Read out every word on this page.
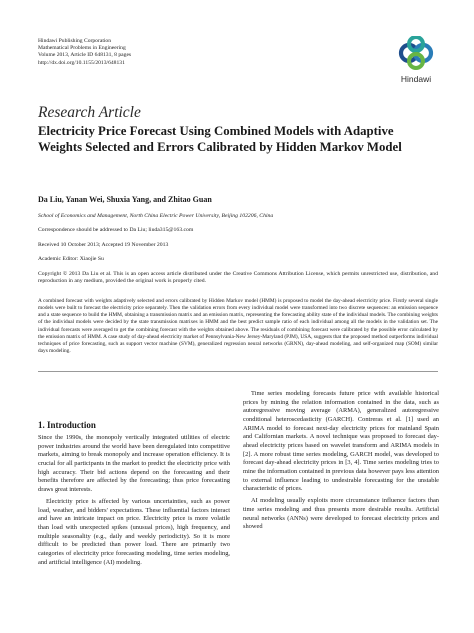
Hindawi Publishing Corporation
Mathematical Problems in Engineering
Volume 2013, Article ID 648131, 8 pages
http://dx.doi.org/10.1155/2013/648131
Hindawi
Research Article
Electricity Price Forecast Using Combined Models with Adaptive Weights Selected and Errors Calibrated by Hidden Markov Model
Da Liu, Yanan Wei, Shuxia Yang, and Zhitao Guan
School of Economics and Management, North China Electric Power University, Beijing 102206, China
Correspondence should be addressed to Da Liu; liuda315@163.com
Received 10 October 2013; Accepted 19 November 2013
Academic Editor: Xiaojie Su
Copyright © 2013 Da Liu et al. This is an open access article distributed under the Creative Commons Attribution License, which permits unrestricted use, distribution, and reproduction in any medium, provided the original work is properly cited.
A combined forecast with weights adaptively selected and errors calibrated by Hidden Markov model (HMM) is proposed to model the day-ahead electricity price. Firstly several single models were built to forecast the electricity price separately. Then the validation errors from every individual model were transformed into two discrete sequences: an emission sequence and a state sequence to build the HMM, obtaining a transmission matrix and an emission matrix, representing the forecasting ability state of the individual models. The combining weights of the individual models were decided by the state transmission matrixes in HMM and the best predict sample ratio of each individual among all the models in the validation set. The individual forecasts were averaged to get the combining forecast with the weights obtained above. The residuals of combining forecast were calibrated by the possible error calculated by the emission matrix of HMM. A case study of day-ahead electricity market of Pennsylvania-New Jersey-Maryland (PJM), USA, suggests that the proposed method outperforms individual techniques of price forecasting, such as support vector machine (SVM), generalized regression neural networks (GRNN), day-ahead modeling, and self-organized map (SOM) similar days modeling.
1. Introduction

Since the 1990s, the monopoly vertically integrated utilities of electric power industries around the world have been deregulated into competitive markets, aiming to break monopoly and increase operation efficiency. It is crucial for all participants in the market to predict the electricity price with high accuracy. Their bid actions depend on the forecasting and their benefits therefore are affected by the forecasting; thus price forecasting draws great interests.

Electricity price is affected by various uncertainties, such as power load, weather, and bidders' expectations. These influential factors interact and have an intricate impact on price. Electricity price is more volatile than load with unexpected spikes (unusual prices), high frequency, and multiple seasonality (e.g., daily and weekly periodicity). So it is more difficult to be predicted than power load. There are primarily two categories of electricity price forecasting modeling, time series modeling, and artificial intelligence (AI) modeling.

Time series modeling forecasts future price with available historical prices by mining the relation information contained in the data, such as autoregressive moving average (ARMA), generalized autoregressive conditional heteroscedasticity (GARCH). Contreras et al. [1] used an ARIMA model to forecast next-day electricity prices for mainland Spain and Californian markets. A novel technique was proposed to forecast day-ahead electricity prices based on wavelet transform and ARIMA models in [2]. A more robust time series modeling, GARCH model, was developed to forecast day-ahead electricity prices in [3, 4]. Time series modeling tries to mine the information contained in previous data however pays less attention to external influence leading to undesirable forecasting for the unstable characteristic of prices.

AI modeling usually exploits more circumstance influence factors than time series modeling and thus presents more desirable results. Artificial neural networks (ANNs) were developed to forecast electricity prices and showed
